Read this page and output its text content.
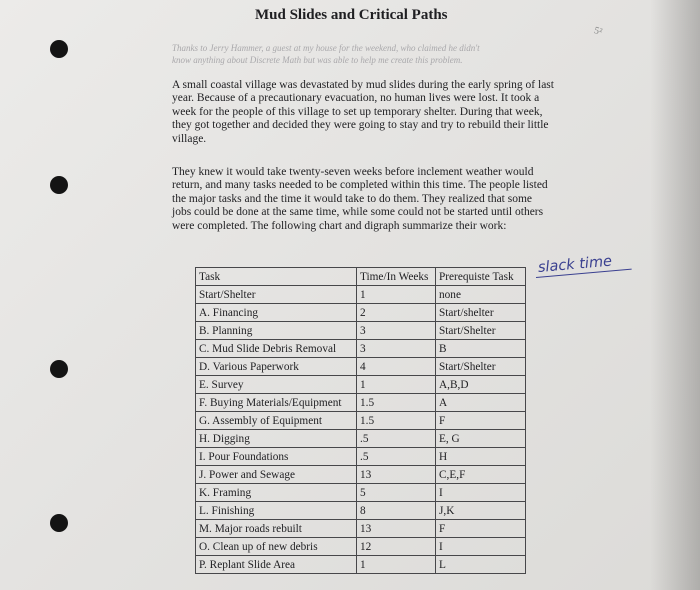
Mud Slides and Critical Paths
Thanks to Jerry Hammer, a guest at my house for the weekend, who claimed he didn't
know anything about Discrete Math but was able to help me create this problem.
5²
A small coastal village was devastated by mud slides during the early spring of last year. Because of a precautionary evacuation, no human lives were lost. It took a week for the people of this village to set up temporary shelter. During that week, they got together and decided they were going to stay and try to rebuild their little village.
They knew it would take twenty-seven weeks before inclement weather would return, and many tasks needed to be completed within this time. The people listed the major tasks and the time it would take to do them. They realized that some jobs could be done at the same time, while some could not be started until others were completed. The following chart and digraph summarize their work:
slack time
Task	Time/In Weeks	Prerequiste Task
Start/Shelter	1	none
A. Financing	2	Start/shelter
B. Planning	3	Start/Shelter
C. Mud Slide Debris Removal	3	B
D. Various Paperwork	4	Start/Shelter
E. Survey	1	A,B,D
F. Buying Materials/Equipment	1.5	A
G. Assembly of Equipment	1.5	F
H. Digging	.5	E, G
I. Pour Foundations	.5	H
J. Power and Sewage	13	C,E,F
K. Framing	5	I
L. Finishing	8	J,K
M. Major roads rebuilt	13	F
O. Clean up of new debris	12	I
P. Replant Slide Area	1	L
